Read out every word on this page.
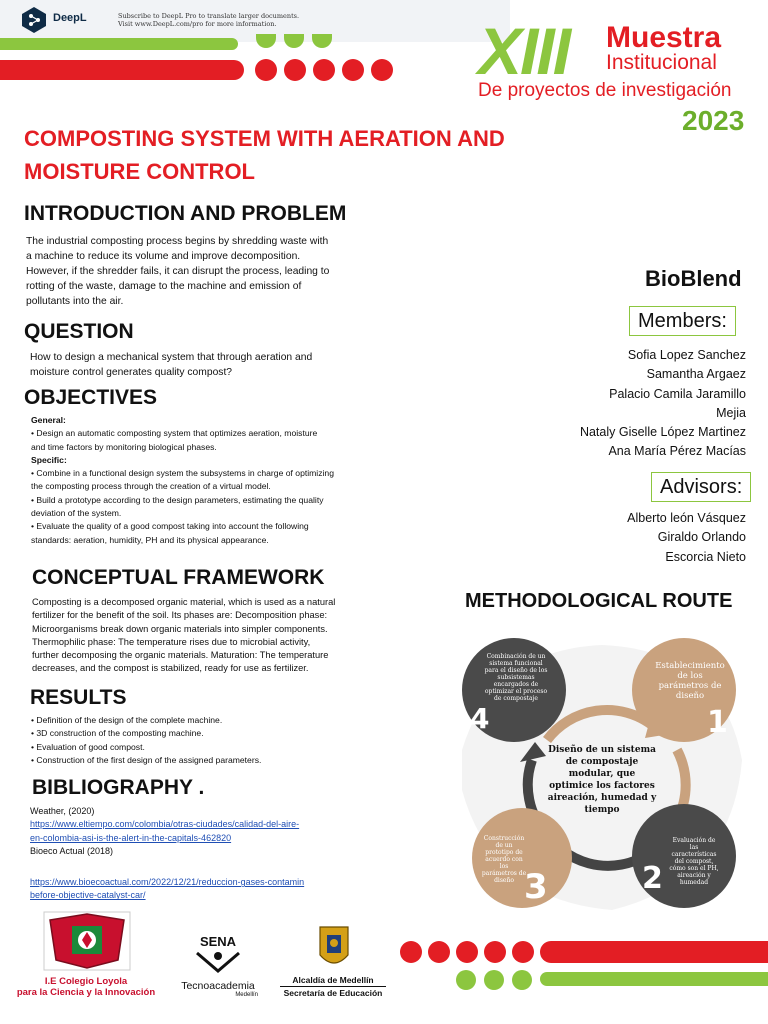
DeepL	Subscribe to DeepL Pro to translate larger documents.
Visit www.DeepL.com/pro for more information.	XIII Muestra
Institucional
De proyectos de investigación
2023
COMPOSTING SYSTEM WITH AERATION AND
MOISTURE CONTROL
INTRODUCTION AND PROBLEM
The industrial composting process begins by shredding waste with
a machine to reduce its volume and improve decomposition.
However, if the shredder fails, it can disrupt the process, leading to
rotting of the waste, damage to the machine and emission of
pollutants into the air.
QUESTION
How to design a mechanical system that through aeration and
moisture control generates quality compost?
OBJECTIVES
General:
• Design an automatic composting system that optimizes aeration, moisture
and time factors by monitoring biological phases.
Specific:
• Combine in a functional design system the subsystems in charge of optimizing
the composting process through the creation of a virtual model.
• Build a prototype according to the design parameters, estimating the quality
deviation of the system.
• Evaluate the quality of a good compost taking into account the following
standards: aeration, humidity, PH and its physical appearance.
CONCEPTUAL FRAMEWORK
Composting is a decomposed organic material, which is used as a natural
fertilizer for the benefit of the soil. Its phases are: Decomposition phase:
Microorganisms break down organic materials into simpler components.
Thermophilic phase: The temperature rises due to microbial activity,
further decomposing the organic materials. Maturation: The temperature
decreases, and the compost is stabilized, ready for use as fertilizer.
RESULTS
• Definition of the design of the complete machine.
• 3D construction of the composting machine.
• Evaluation of good compost.
• Construction of the first design of the assigned parameters.
BIBLIOGRAPHY .
Weather, (2020)
https://www.eltiempo.com/colombia/otras-ciudades/calidad-del-aire-
en-colombia-asi-is-the-alert-in-the-capitals-462820
Bioeco Actual (2018)
https://www.bioecoactual.com/2022/12/21/reduccion-gases-contamin
before-objective-catalyst-car/
BioBlend
Members:
Sofia Lopez Sanchez
Samantha Argaez
Palacio Camila Jaramillo
Mejia
Nataly Giselle López Martinez
Ana María Pérez Macías
Advisors:
Alberto león Vásquez
Giraldo Orlando
Escorcia Nieto
METHODOLOGICAL ROUTE
4	1
3	2
Combinación de un
sistema funcional
para el diseño de los
subsistemas
encargados de
optimizar el proceso
de compostaje
Establecimiento
de los
parámetros de
diseño
Construcción
de un
prototipo de
acuerdo con
los
parámetros de
diseño
Evaluación de
las
características
del compost,
cómo son el PH,
aireación y
humedad
Diseño de un sistema
de compostaje
modular, que
optimice los factores
aireación, humedad y
tiempo
I.E Colegio Loyola
para la Ciencia y la Innovación
SENA
Tecnoacademia
Medellín
Alcaldía de Medellín
Secretaría de Educación
